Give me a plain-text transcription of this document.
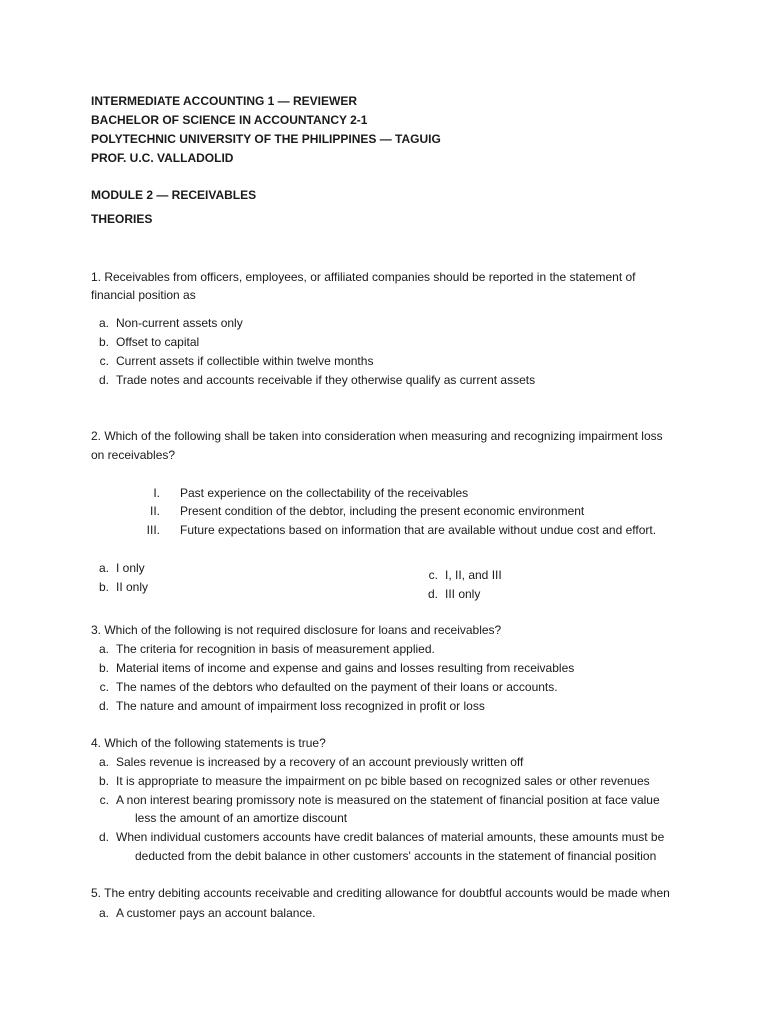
INTERMEDIATE ACCOUNTING 1 — REVIEWER
BACHELOR OF SCIENCE IN ACCOUNTANCY 2-1
POLYTECHNIC UNIVERSITY OF THE PHILIPPINES — TAGUIG
PROF. U.C. VALLADOLID
MODULE 2 — RECEIVABLES
THEORIES
1. Receivables from officers, employees, or affiliated companies should be reported in the statement of
financial position as
a. Non-current assets only
b. Offset to capital
c. Current assets if collectible within twelve months
d. Trade notes and accounts receivable if they otherwise qualify as current assets
2. Which of the following shall be taken into consideration when measuring and recognizing impairment loss
on receivables?
I. Past experience on the collectability of the receivables
II. Present condition of the debtor, including the present economic environment
III. Future expectations based on information that are available without undue cost and effort.
a. I only
b. II only
c. I, II, and III
d. III only
3. Which of the following is not required disclosure for loans and receivables?
a. The criteria for recognition in basis of measurement applied.
b. Material items of income and expense and gains and losses resulting from receivables
c. The names of the debtors who defaulted on the payment of their loans or accounts.
d. The nature and amount of impairment loss recognized in profit or loss
4. Which of the following statements is true?
a. Sales revenue is increased by a recovery of an account previously written off
b. It is appropriate to measure the impairment on pc bible based on recognized sales or other revenues
c. A non interest bearing promissory note is measured on the statement of financial position at face value
less the amount of an amortize discount
d. When individual customers accounts have credit balances of material amounts, these amounts must be
deducted from the debit balance in other customers' accounts in the statement of financial position
5. The entry debiting accounts receivable and crediting allowance for doubtful accounts would be made when
a. A customer pays an account balance.
